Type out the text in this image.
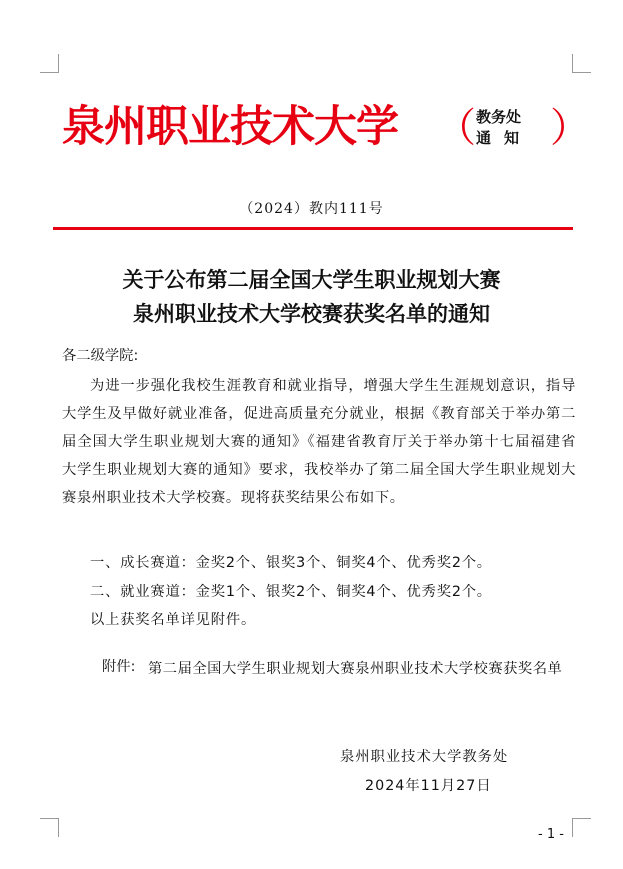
泉州职业技术大学 （ 教务处
通知 ）
（2024）教内111号
关于公布第二届全国大学生职业规划大赛
泉州职业技术大学校赛获奖名单的通知
各二级学院:
为进一步强化我校生涯教育和就业指导，增强大学生生涯规划意识，指导大学生及早做好就业准备，促进高质量充分就业，根据《教育部关于举办第二届全国大学生职业规划大赛的通知》《福建省教育厅关于举办第十七届福建省大学生职业规划大赛的通知》要求，我校举办了第二届全国大学生职业规划大赛泉州职业技术大学校赛。现将获奖结果公布如下。
一、成长赛道：金奖2个、银奖3个、铜奖4个、优秀奖2个。
二、就业赛道：金奖1个、银奖2个、铜奖4个、优秀奖2个。
以上获奖名单详见附件。
附件: 第二届全国大学生职业规划大赛泉州职业技术大学校赛获奖名单
泉州职业技术大学教务处
2024年11月27日
- 1 -
